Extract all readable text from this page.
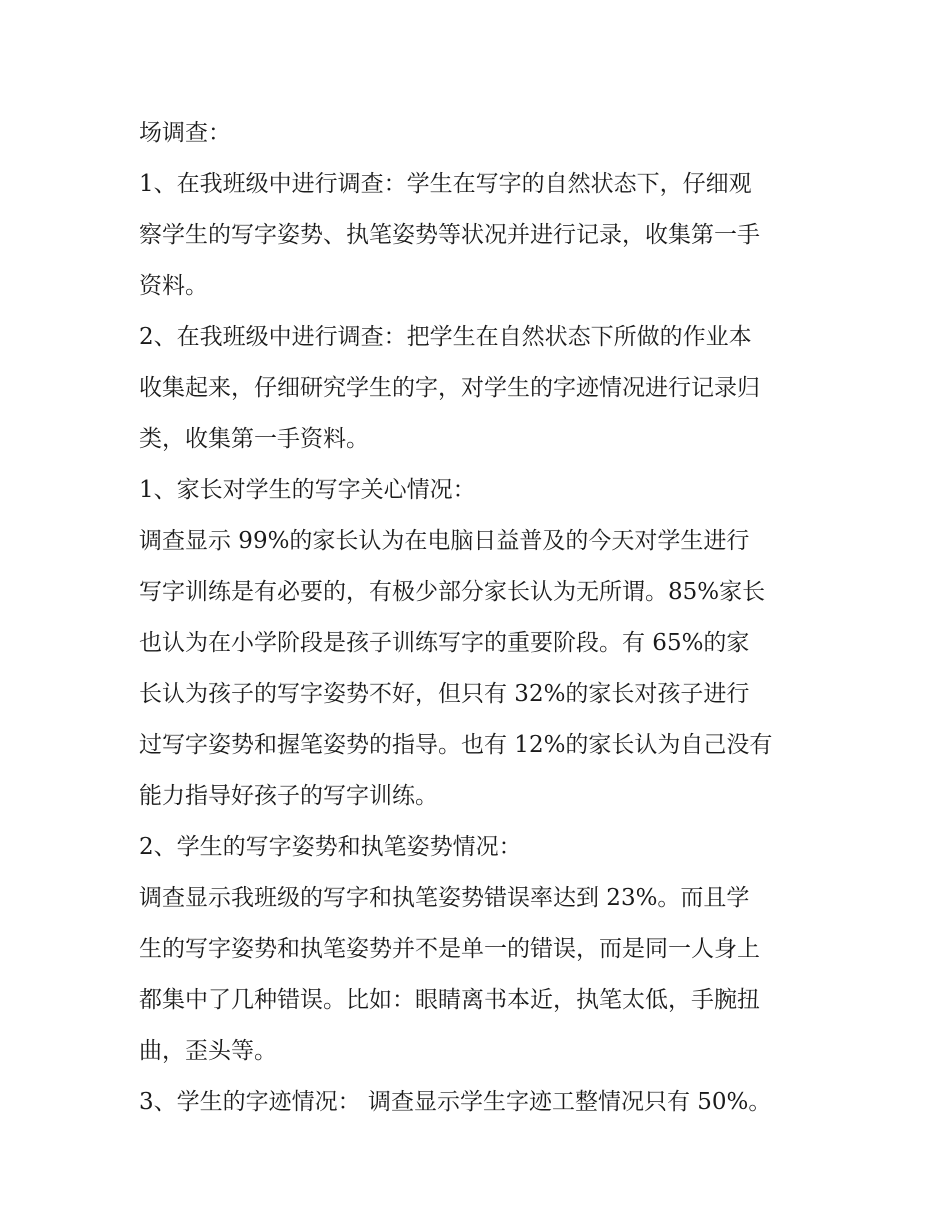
场调查：
1、在我班级中进行调查：学生在写字的自然状态下，仔细观
察学生的写字姿势、执笔姿势等状况并进行记录，收集第一手
资料。
2、在我班级中进行调查：把学生在自然状态下所做的作业本
收集起来，仔细研究学生的字，对学生的字迹情况进行记录归
类，收集第一手资料。
1、家长对学生的写字关心情况：
调查显示 99%的家长认为在电脑日益普及的今天对学生进行
写字训练是有必要的，有极少部分家长认为无所谓。85%家长
也认为在小学阶段是孩子训练写字的重要阶段。有 65%的家
长认为孩子的写字姿势不好，但只有 32%的家长对孩子进行
过写字姿势和握笔姿势的指导。也有 12%的家长认为自己没有
能力指导好孩子的写字训练。
2、学生的写字姿势和执笔姿势情况：
调查显示我班级的写字和执笔姿势错误率达到 23%。而且学
生的写字姿势和执笔姿势并不是单一的错误，而是同一人身上
都集中了几种错误。比如：眼睛离书本近，执笔太低，手腕扭
曲，歪头等。
3、学生的字迹情况： 调查显示学生字迹工整情况只有 50%。
